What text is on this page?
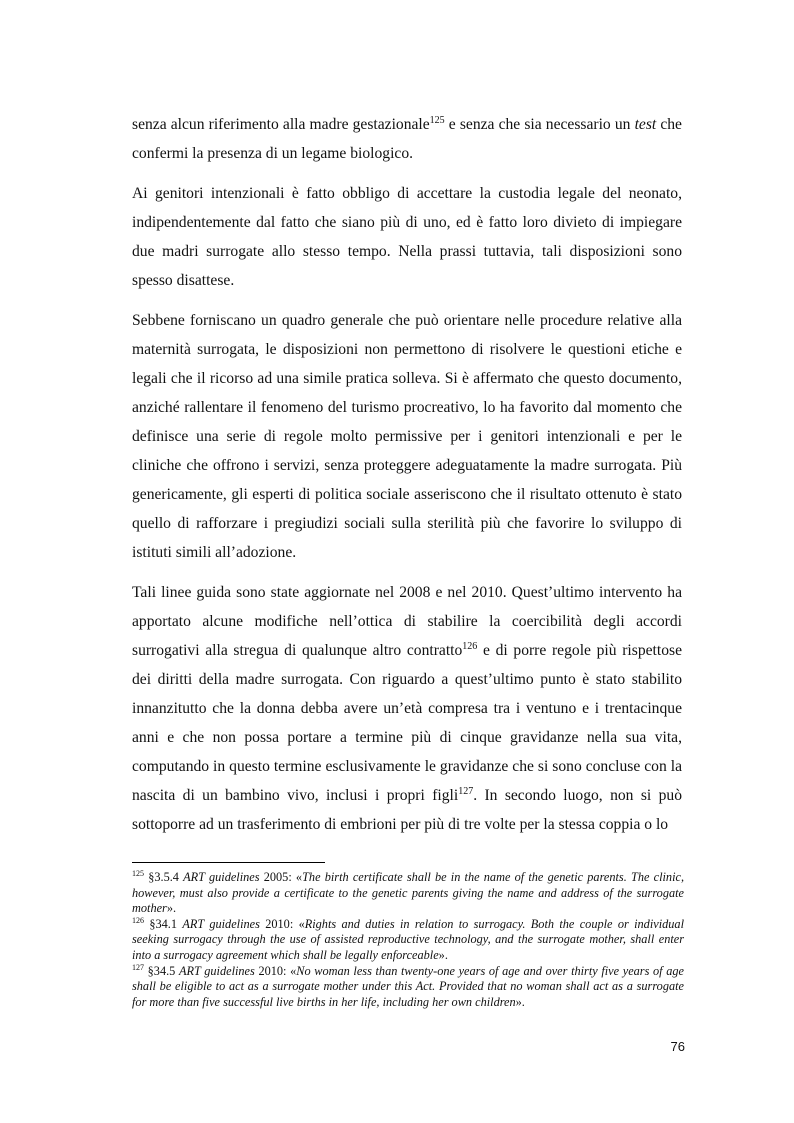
senza alcun riferimento alla madre gestazionale$^{125}$ e senza che sia necessario un test che confermi la presenza di un legame biologico.

Ai genitori intenzionali è fatto obbligo di accettare la custodia legale del neonato, indipendentemente dal fatto che siano più di uno, ed è fatto loro divieto di impiegare due madri surrogate allo stesso tempo. Nella prassi tuttavia, tali disposizioni sono spesso disattese.

Sebbene forniscano un quadro generale che può orientare nelle procedure relative alla maternità surrogata, le disposizioni non permettono di risolvere le questioni etiche e legali che il ricorso ad una simile pratica solleva. Si è affermato che questo documento, anziché rallentare il fenomeno del turismo procreativo, lo ha favorito dal momento che definisce una serie di regole molto permissive per i genitori intenzionali e per le cliniche che offrono i servizi, senza proteggere adeguatamente la madre surrogata. Più genericamente, gli esperti di politica sociale asseriscono che il risultato ottenuto è stato quello di rafforzare i pregiudizi sociali sulla sterilità più che favorire lo sviluppo di istituti simili all’adozione.

Tali linee guida sono state aggiornate nel 2008 e nel 2010. Quest’ultimo intervento ha apportato alcune modifiche nell’ottica di stabilire la coercibilità degli accordi surrogativi alla stregua di qualunque altro contratto$^{126}$ e di porre regole più rispettose dei diritti della madre surrogata. Con riguardo a quest’ultimo punto è stato stabilito innanzitutto che la donna debba avere un’età compresa tra i ventuno e i trentacinque anni e che non possa portare a termine più di cinque gravidanze nella sua vita, computando in questo termine esclusivamente le gravidanze che si sono concluse con la nascita di un bambino vivo, inclusi i propri figli$^{127}$. In secondo luogo, non si può sottoporre ad un trasferimento di embrioni per più di tre volte per la stessa coppia o lo

$^{125}$ §3.5.4 ART guidelines 2005: «The birth certificate shall be in the name of the genetic parents. The clinic, however, must also provide a certificate to the genetic parents giving the name and address of the surrogate mother».

$^{126}$ §34.1 ART guidelines 2010: «Rights and duties in relation to surrogacy. Both the couple or individual seeking surrogacy through the use of assisted reproductive technology, and the surrogate mother, shall enter into a surrogacy agreement which shall be legally enforceable».

$^{127}$ §34.5 ART guidelines 2010: «No woman less than twenty-one years of age and over thirty five years of age shall be eligible to act as a surrogate mother under this Act. Provided that no woman shall act as a surrogate for more than five successful live births in her life, including her own children».

76
